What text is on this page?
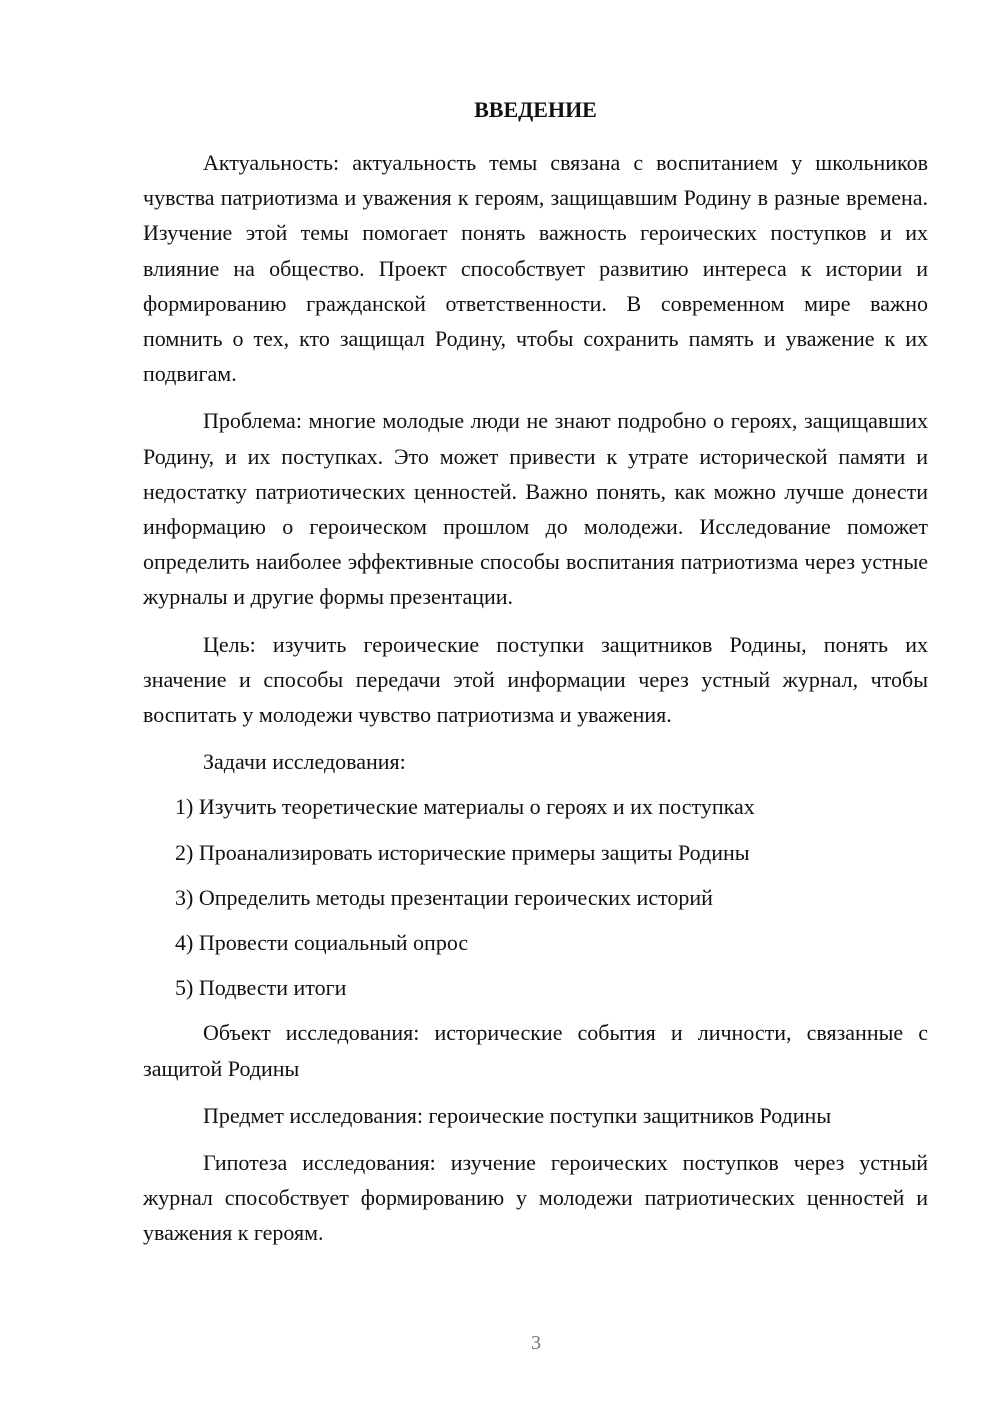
ВВЕДЕНИЕ

Актуальность: актуальность темы связана с воспитанием у школьников чувства патриотизма и уважения к героям, защищавшим Родину в разные времена. Изучение этой темы помогает понять важность героических поступков и их влияние на общество. Проект способствует развитию интереса к истории и формированию гражданской ответственности. В современном мире важно помнить о тех, кто защищал Родину, чтобы сохранить память и уважение к их подвигам.

Проблема: многие молодые люди не знают подробно о героях, защищавших Родину, и их поступках. Это может привести к утрате исторической памяти и недостатку патриотических ценностей. Важно понять, как можно лучше донести информацию о героическом прошлом до молодежи. Исследование поможет определить наиболее эффективные способы воспитания патриотизма через устные журналы и другие формы презентации.

Цель: изучить героические поступки защитников Родины, понять их значение и способы передачи этой информации через устный журнал, чтобы воспитать у молодежи чувство патриотизма и уважения.

Задачи исследования:

1) Изучить теоретические материалы о героях и их поступках
2) Проанализировать исторические примеры защиты Родины
3) Определить методы презентации героических историй
4) Провести социальный опрос
5) Подвести итоги

Объект исследования: исторические события и личности, связанные с защитой Родины

Предмет исследования: героические поступки защитников Родины

Гипотеза исследования: изучение героических поступков через устный журнал способствует формированию у молодежи патриотических ценностей и уважения к героям.

3
